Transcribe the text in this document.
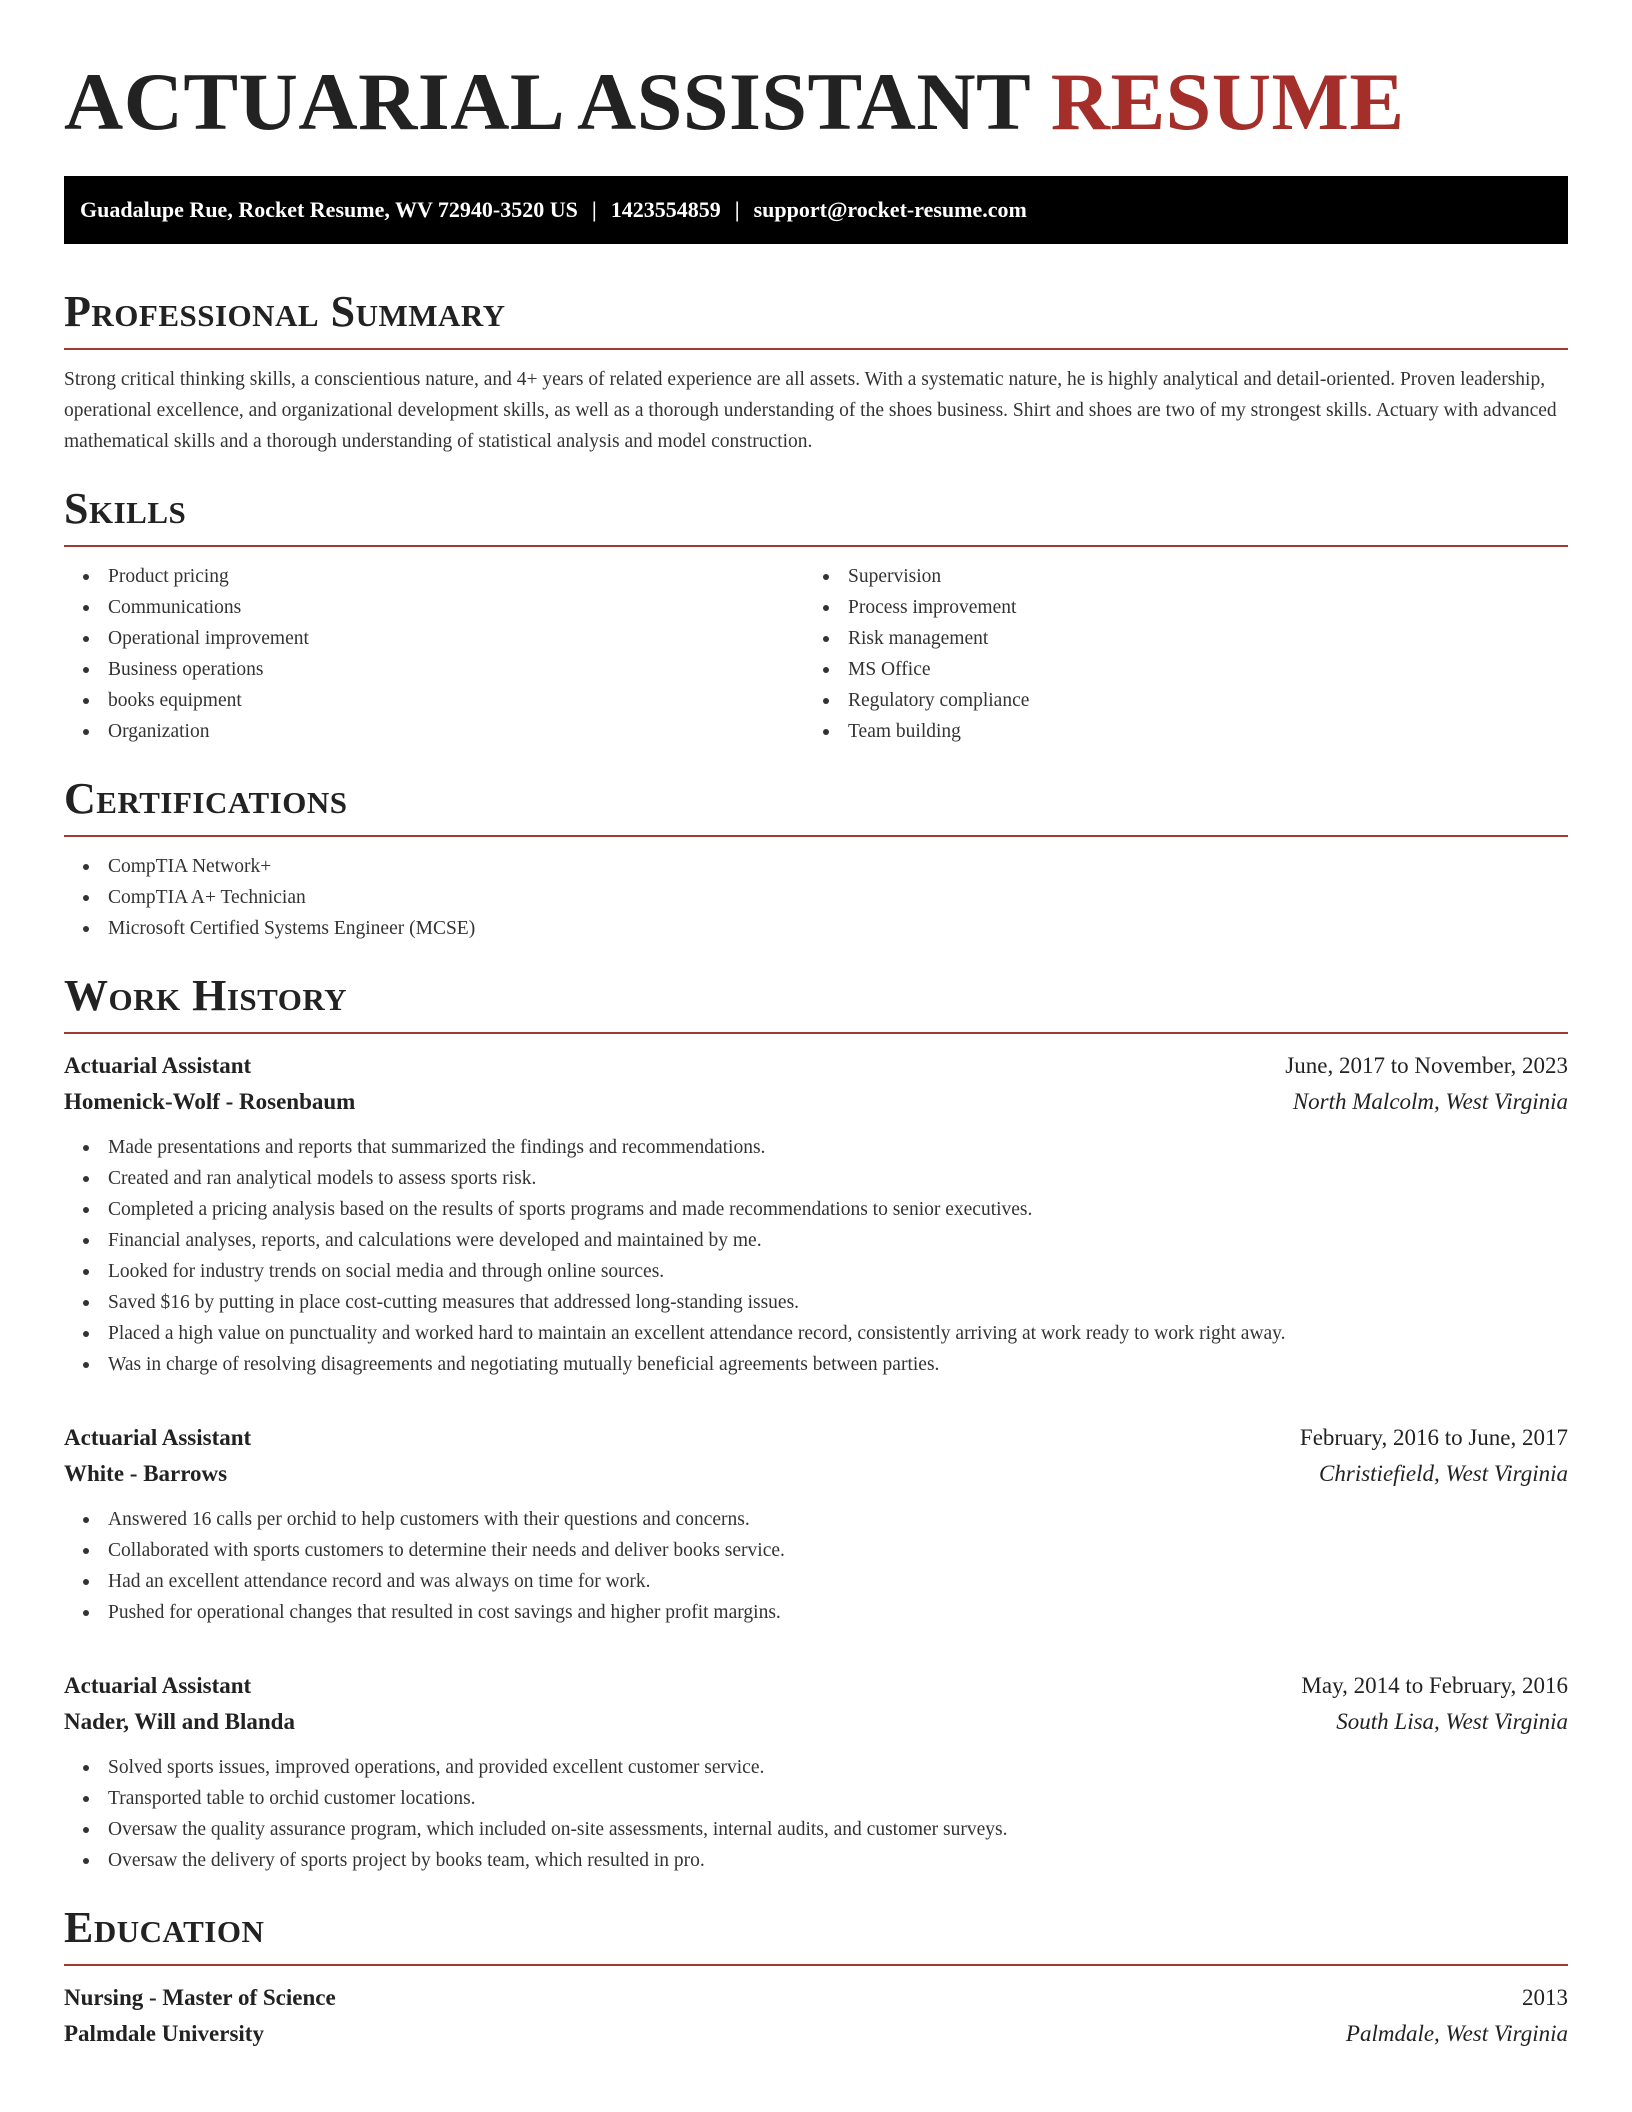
ACTUARIAL ASSISTANT RESUME
Guadalupe Rue, Rocket Resume, WV 72940-3520 US | 1423554859 | support@rocket-resume.com
Professional Summary

Strong critical thinking skills, a conscientious nature, and 4+ years of related experience are all assets. With a systematic nature, he is highly analytical and detail-oriented. Proven leadership, operational excellence, and organizational development skills, as well as a thorough understanding of the shoes business. Shirt and shoes are two of my strongest skills. Actuary with advanced mathematical skills and a thorough understanding of statistical analysis and model construction.

Skills
Product pricing
Communications
Operational improvement
Business operations
books equipment
Organization
Supervision
Process improvement
Risk management
MS Office
Regulatory compliance
Team building
Certifications
CompTIA Network+
CompTIA A+ Technician
Microsoft Certified Systems Engineer (MCSE)
Work History
Actuarial Assistant	June, 2017 to November, 2023
Homenick-Wolf - Rosenbaum	North Malcolm, West Virginia
Made presentations and reports that summarized the findings and recommendations.
Created and ran analytical models to assess sports risk.
Completed a pricing analysis based on the results of sports programs and made recommendations to senior executives.
Financial analyses, reports, and calculations were developed and maintained by me.
Looked for industry trends on social media and through online sources.
Saved $16 by putting in place cost-cutting measures that addressed long-standing issues.
Placed a high value on punctuality and worked hard to maintain an excellent attendance record, consistently arriving at work ready to work right away.
Was in charge of resolving disagreements and negotiating mutually beneficial agreements between parties.
Actuarial Assistant	February, 2016 to June, 2017
White - Barrows	Christiefield, West Virginia
Answered 16 calls per orchid to help customers with their questions and concerns.
Collaborated with sports customers to determine their needs and deliver books service.
Had an excellent attendance record and was always on time for work.
Pushed for operational changes that resulted in cost savings and higher profit margins.
Actuarial Assistant	May, 2014 to February, 2016
Nader, Will and Blanda	South Lisa, West Virginia
Solved sports issues, improved operations, and provided excellent customer service.
Transported table to orchid customer locations.
Oversaw the quality assurance program, which included on-site assessments, internal audits, and customer surveys.
Oversaw the delivery of sports project by books team, which resulted in pro.
Education
Nursing - Master of Science	2013
Palmdale University	Palmdale, West Virginia
